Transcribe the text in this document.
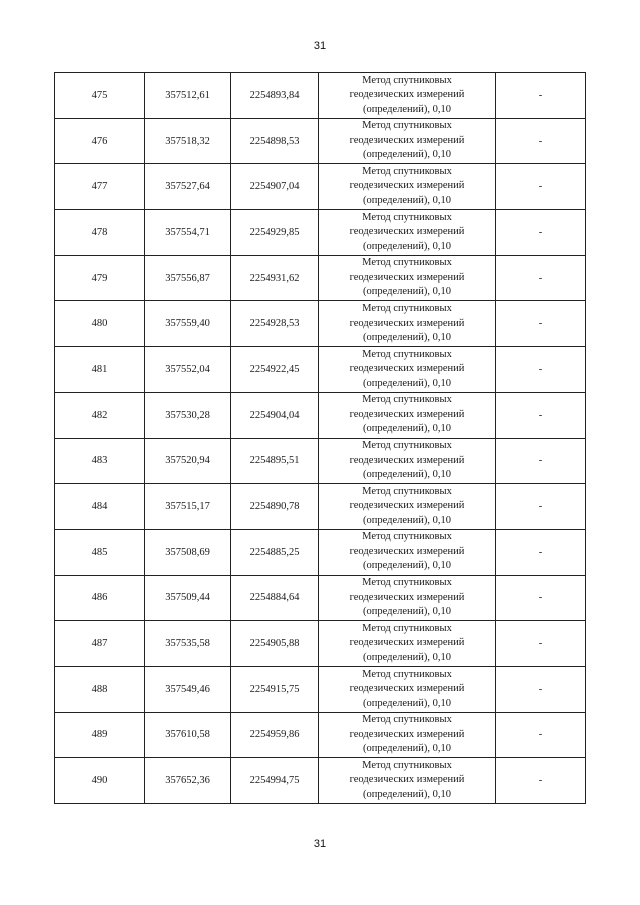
31
475	357512,61	2254893,84	Метод спутниковых
геодезических измерений
(определений), 0,10	-
476	357518,32	2254898,53	Метод спутниковых
геодезических измерений
(определений), 0,10	-
477	357527,64	2254907,04	Метод спутниковых
геодезических измерений
(определений), 0,10	-
478	357554,71	2254929,85	Метод спутниковых
геодезических измерений
(определений), 0,10	-
479	357556,87	2254931,62	Метод спутниковых
геодезических измерений
(определений), 0,10	-
480	357559,40	2254928,53	Метод спутниковых
геодезических измерений
(определений), 0,10	-
481	357552,04	2254922,45	Метод спутниковых
геодезических измерений
(определений), 0,10	-
482	357530,28	2254904,04	Метод спутниковых
геодезических измерений
(определений), 0,10	-
483	357520,94	2254895,51	Метод спутниковых
геодезических измерений
(определений), 0,10	-
484	357515,17	2254890,78	Метод спутниковых
геодезических измерений
(определений), 0,10	-
485	357508,69	2254885,25	Метод спутниковых
геодезических измерений
(определений), 0,10	-
486	357509,44	2254884,64	Метод спутниковых
геодезических измерений
(определений), 0,10	-
487	357535,58	2254905,88	Метод спутниковых
геодезических измерений
(определений), 0,10	-
488	357549,46	2254915,75	Метод спутниковых
геодезических измерений
(определений), 0,10	-
489	357610,58	2254959,86	Метод спутниковых
геодезических измерений
(определений), 0,10	-
490	357652,36	2254994,75	Метод спутниковых
геодезических измерений
(определений), 0,10	-
31
